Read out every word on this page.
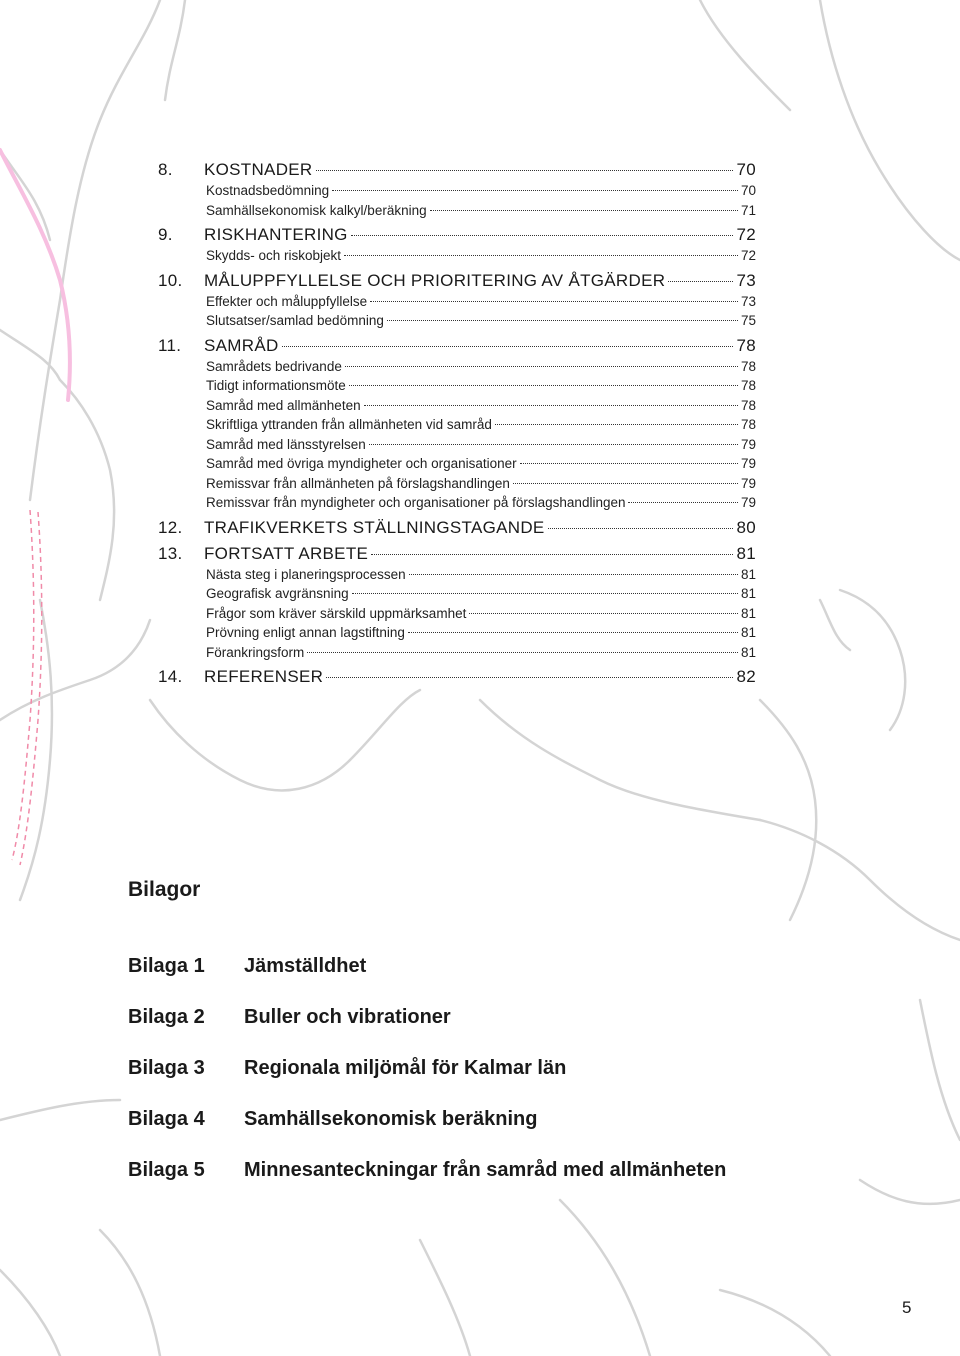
8.	KOSTNADER	70
Kostnadsbedömning	70
Samhällsekonomisk kalkyl/beräkning	71
9.	RISKHANTERING	72
Skydds- och riskobjekt	72
10.	MÅLUPPFYLLELSE OCH PRIORITERING AV ÅTGÄRDER	73
Effekter och måluppfyllelse	73
Slutsatser/samlad bedömning	75
11.	SAMRÅD	78
Samrådets bedrivande	78
Tidigt informationsmöte	78
Samråd med allmänheten	78
Skriftliga yttranden från allmänheten vid samråd	78
Samråd med länsstyrelsen	79
Samråd med övriga myndigheter och organisationer	79
Remissvar från allmänheten på förslagshandlingen	79
Remissvar från myndigheter och organisationer på förslagshandlingen	79
12.	TRAFIKVERKETS STÄLLNINGSTAGANDE	80
13.	FORTSATT ARBETE	81
Nästa steg i planeringsprocessen	81
Geografisk avgränsning	81
Frågor som kräver särskild uppmärksamhet	81
Prövning enligt annan lagstiftning	81
Förankringsform	81
14.	REFERENSER	82
Bilagor
Bilaga 1	Jämställdhet
Bilaga 2	Buller och vibrationer
Bilaga 3	Regionala miljömål för Kalmar län
Bilaga 4	Samhällsekonomisk beräkning
Bilaga 5	Minnesanteckningar från samråd med allmänheten
5
